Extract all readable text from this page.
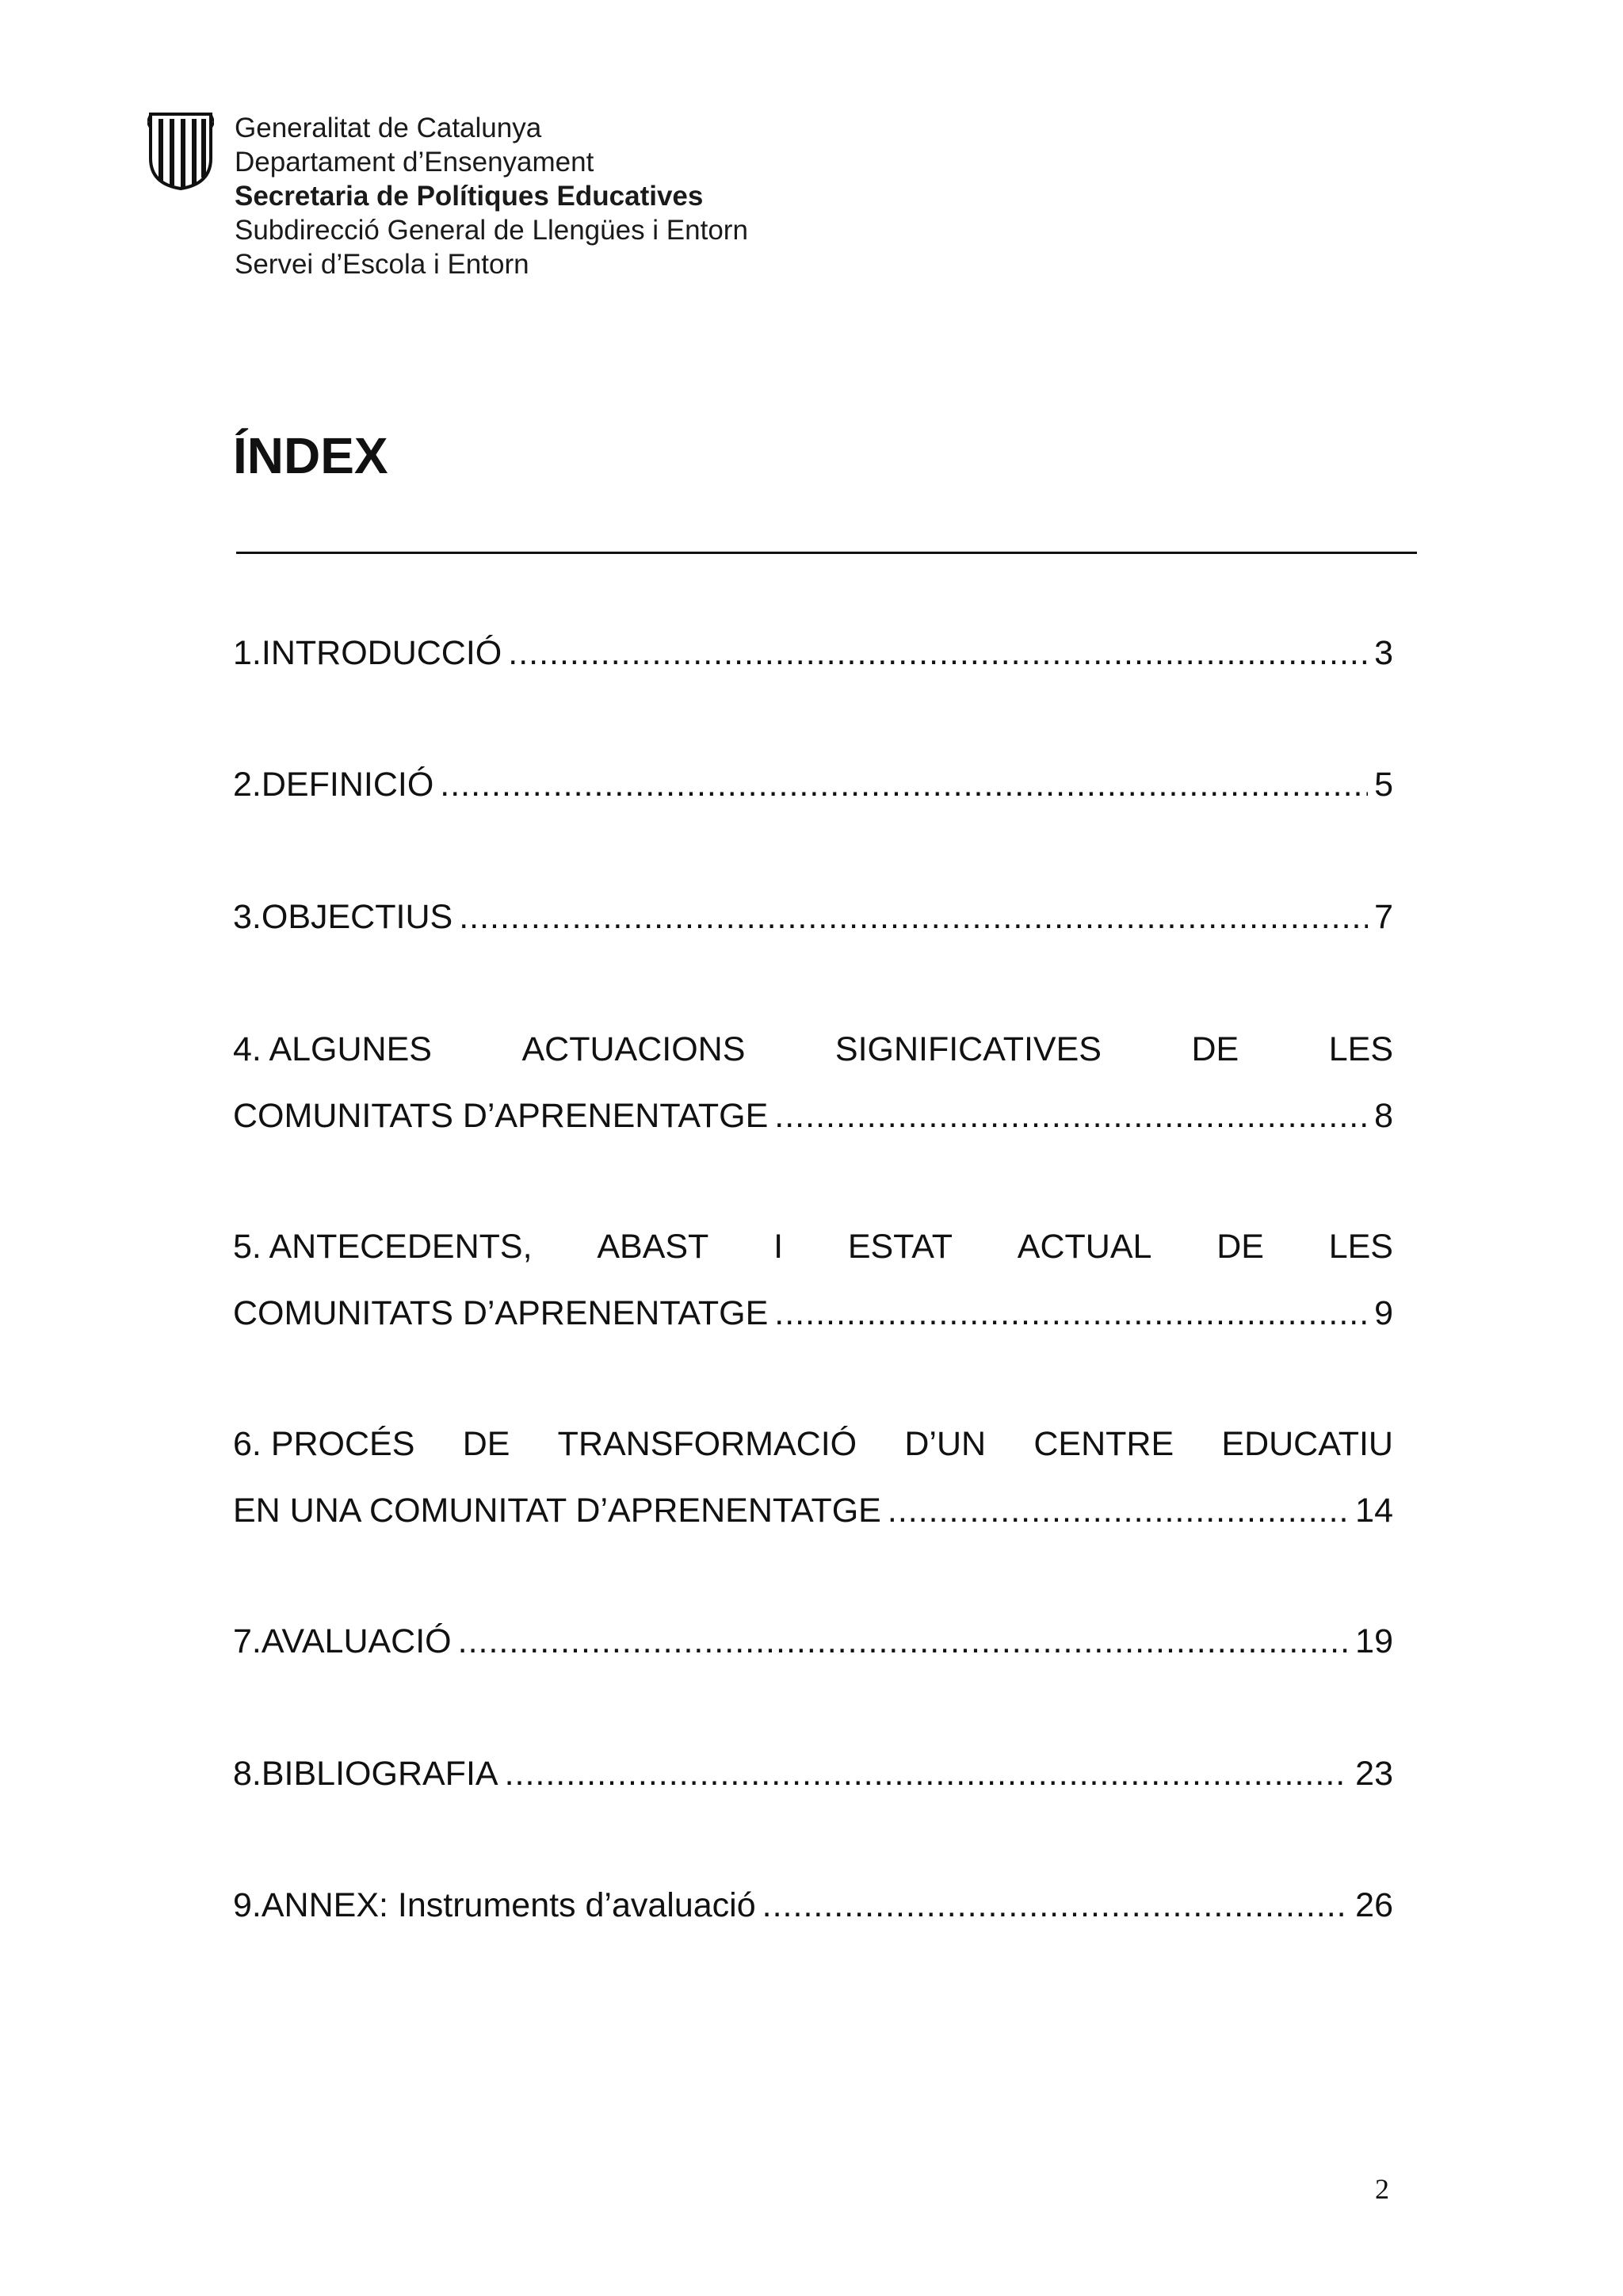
Generalitat de Catalunya
Departament d’Ensenyament
Secretaria de Polítiques Educatives
Subdirecció General de Llengües i Entorn
Servei d’Escola i Entorn
ÍNDEX
1. INTRODUCCIÓ .....	3
2. DEFINICIÓ .....	5
3. OBJECTIUS .....	7
4. ALGUNES	ACTUACIONS	SIGNIFICATIVES	DE	LES
COMUNITATS D’APRENENTATGE .....	8
5. ANTECEDENTS, ABAST I ESTAT ACTUAL DE LES
COMUNITATS D’APRENENTATGE .....	9
6. PROCÉS DE TRANSFORMACIÓ D’UN CENTRE EDUCATIU
EN UNA COMUNITAT D’APRENENTATGE .....	14
7. AVALUACIÓ .....	19
8. BIBLIOGRAFIA .....	23
9. ANNEX: Instruments d’avaluació .....	26
2
